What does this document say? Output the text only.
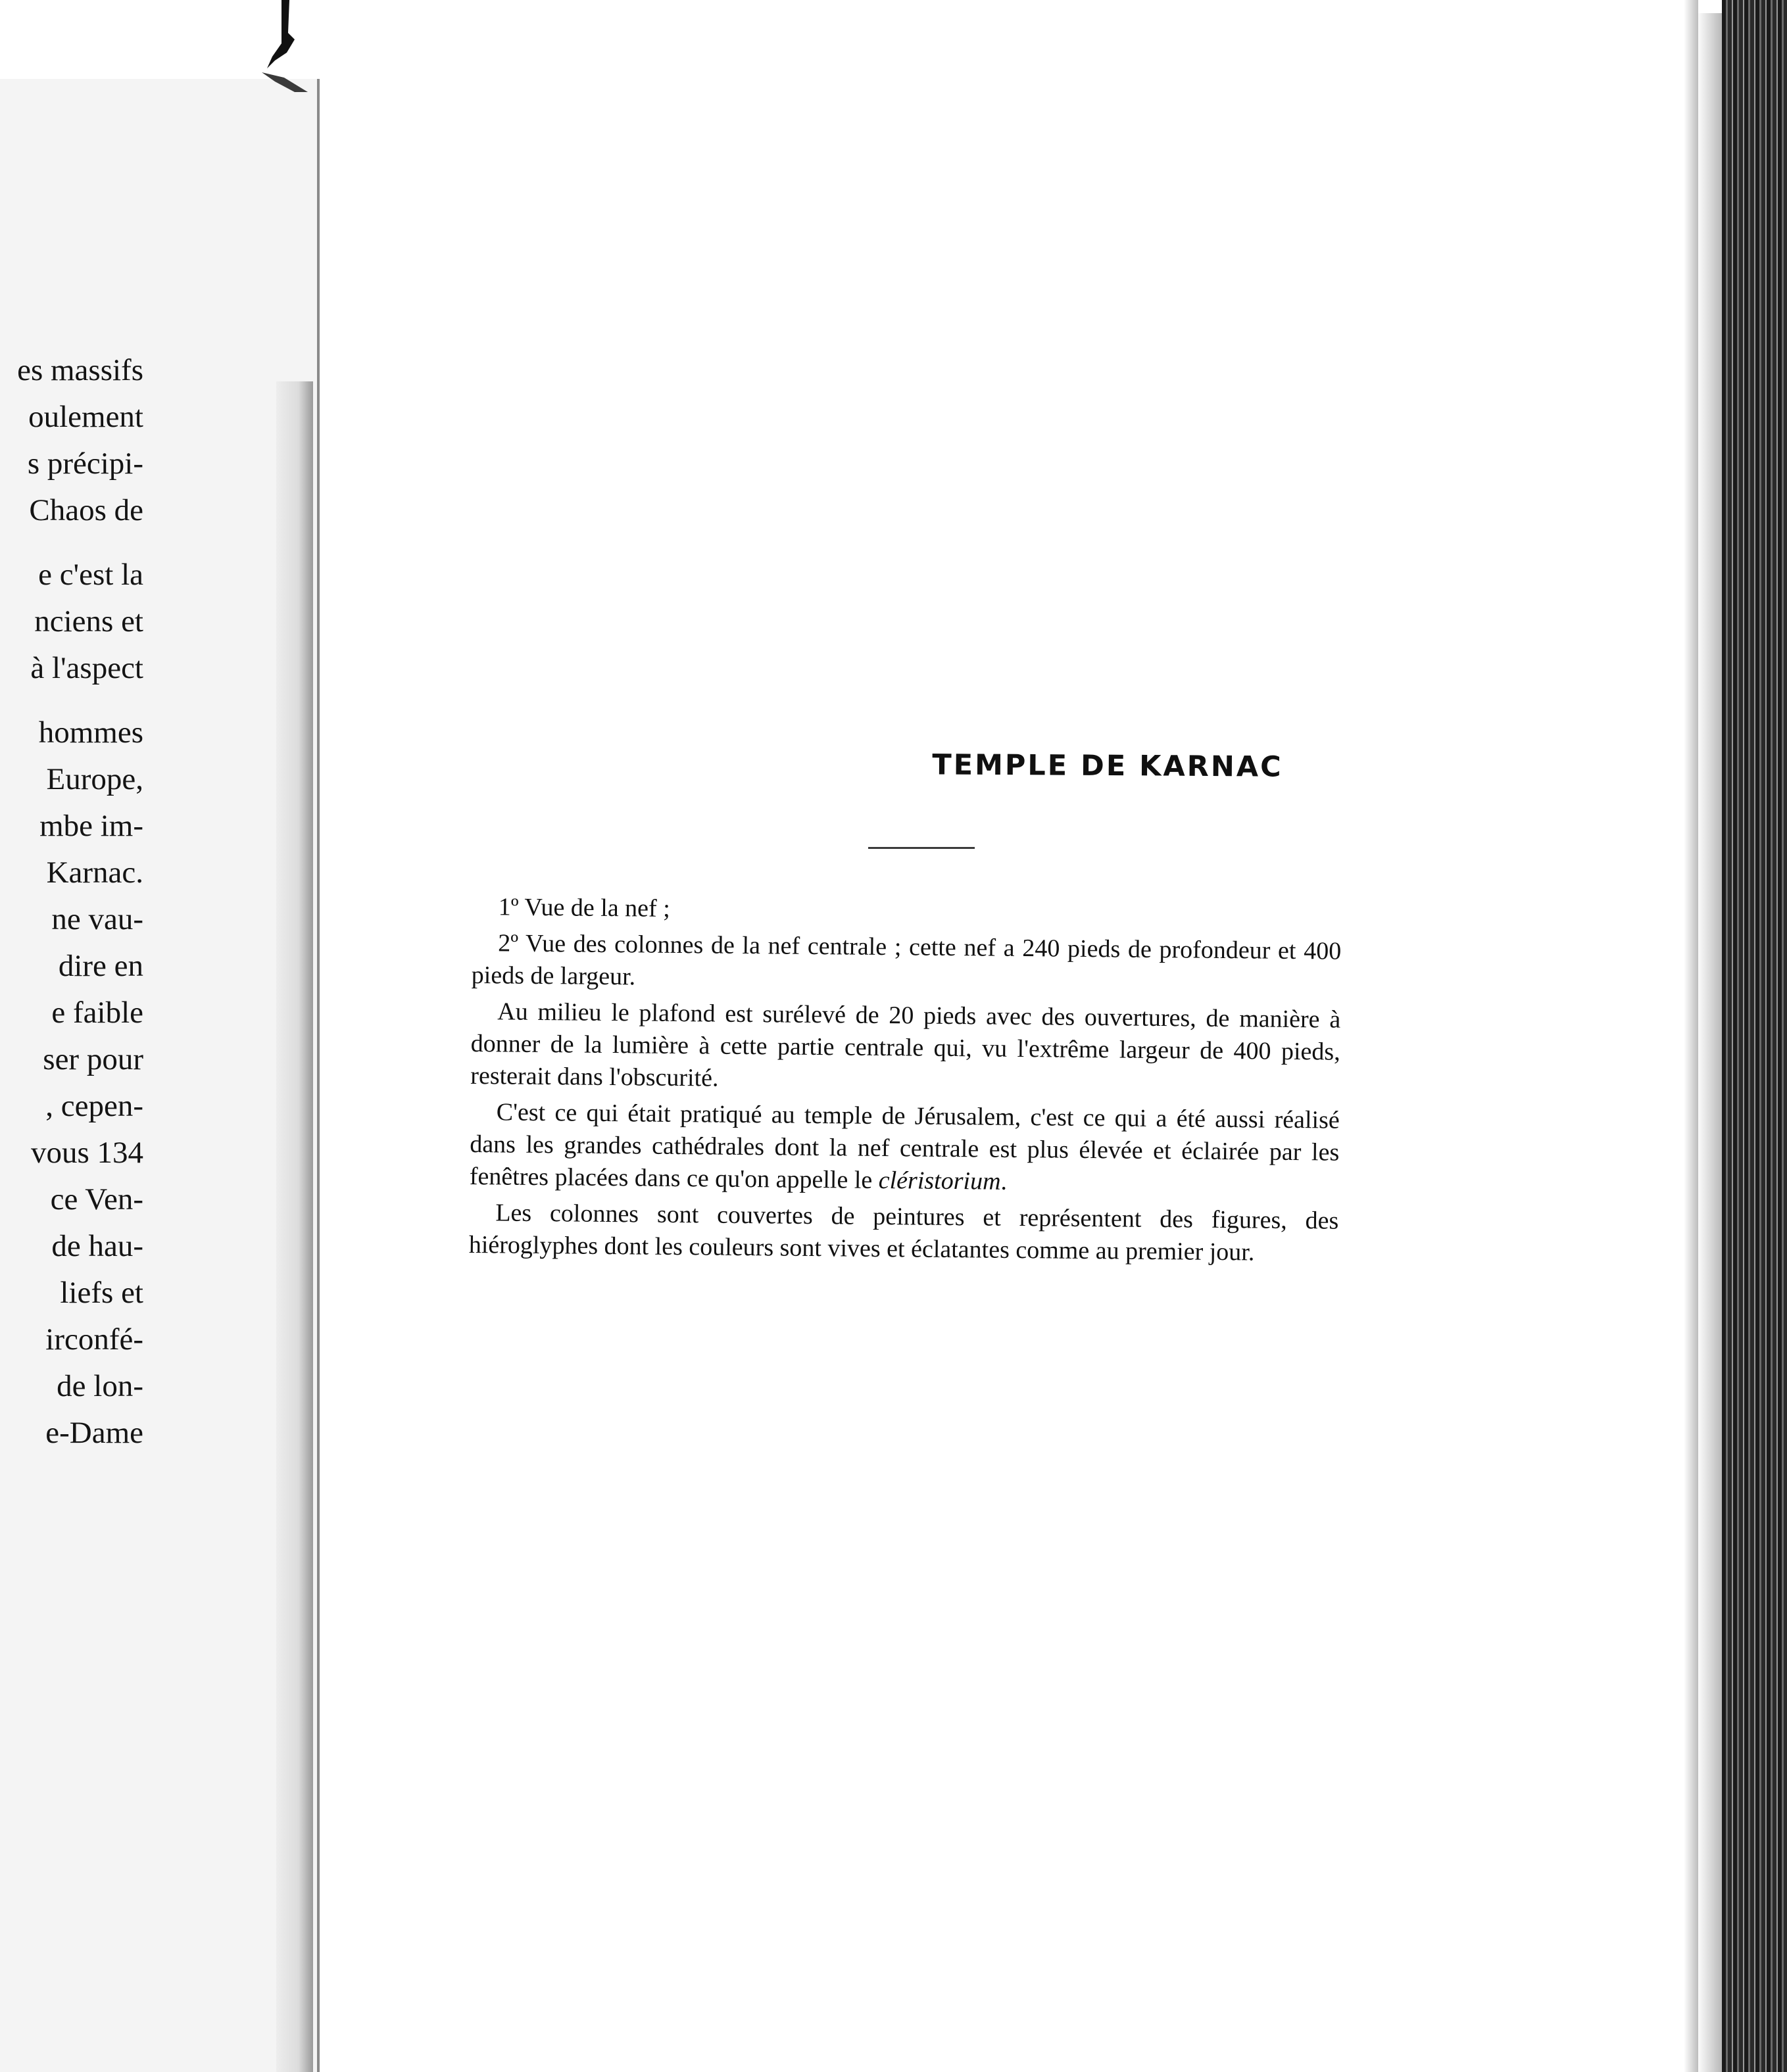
es massifs
oulement
s précipi-
Chaos de
e c'est la
nciens et
à l'aspect
hommes
Europe,
mbe im-
Karnac.
ne vau-
dire en
e faible
ser pour
, cepen-
vous 134
ce Ven-
de hau-
liefs et
irconfé-
de lon-
e-Dame
TEMPLE DE KARNAC

1º Vue de la nef ;

2º Vue des colonnes de la nef centrale ; cette nef a 240 pieds de profondeur et 400 pieds de largeur.

Au milieu le plafond est surélevé de 20 pieds avec des ouvertures, de manière à donner de la lumière à cette partie centrale qui, vu l'extrême largeur de 400 pieds, resterait dans l'obscurité.

C'est ce qui était pratiqué au temple de Jérusalem, c'est ce qui a été aussi réalisé dans les grandes cathédrales dont la nef centrale est plus élevée et éclairée par les fenêtres placées dans ce qu'on appelle le cléristorium.

Les colonnes sont couvertes de peintures et représentent des figures, des hiéroglyphes dont les couleurs sont vives et éclatantes comme au premier jour.
